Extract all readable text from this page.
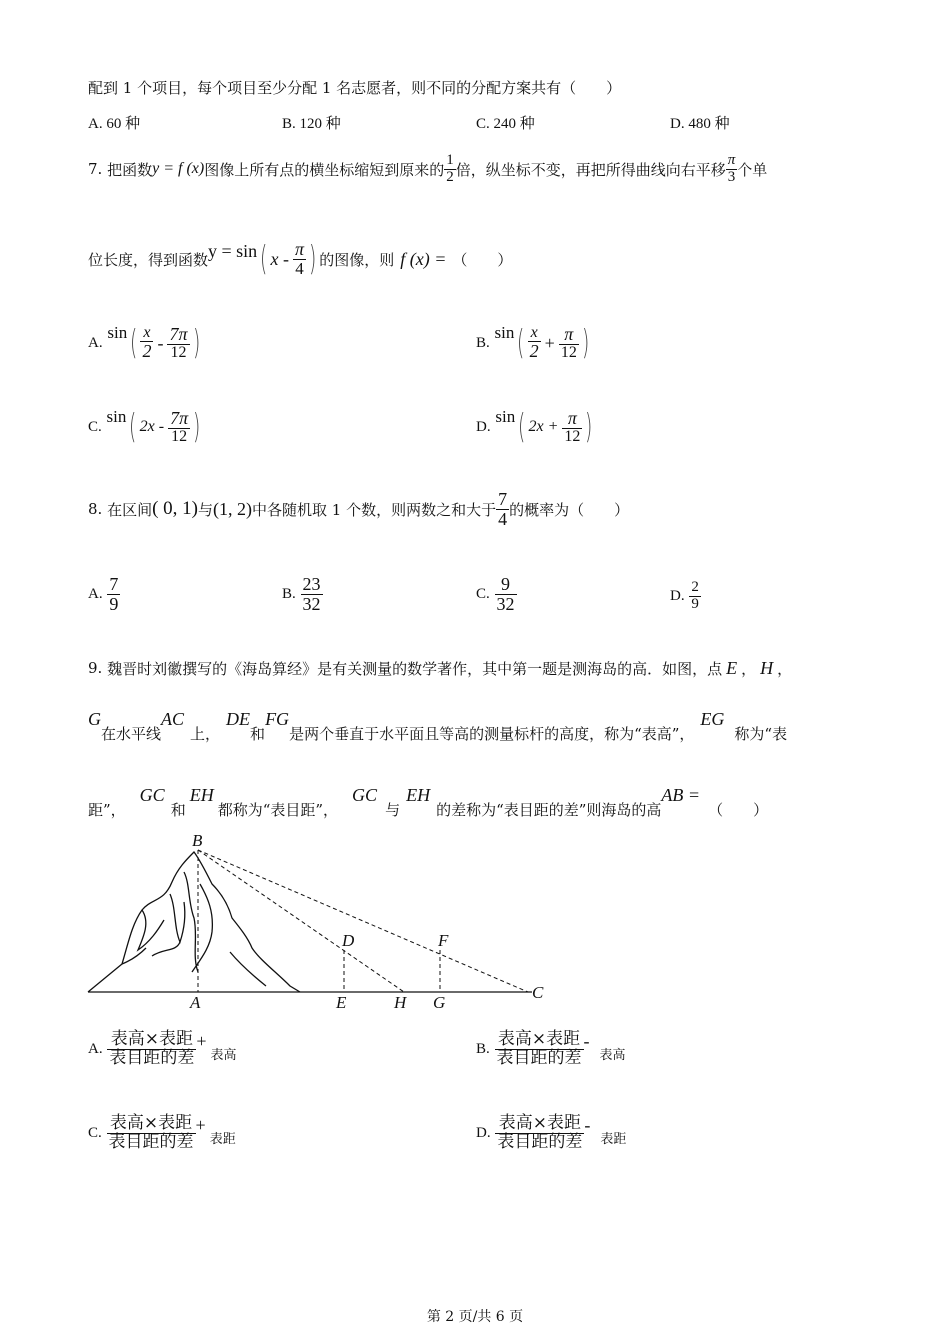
配到 1 个项目，每个项目至少分配 1 名志愿者，则不同的分配方案共有（　　）
A. 60 种	B. 120 种	C. 240 种	D. 480 种
7.
把函数 y = f (x) 图像上所有点的横坐标缩短到原来的 $\frac{1}{2}$ 倍，纵坐标不变，再把所得曲线向右平移 $\frac{\pi}{3}$ 个单
位长度，得到函数 y = sin ( x - $\frac{\pi}{4}$ ) 的图像，则 f (x) = （　　）
A.

sin ( $\frac{x}{2} - \frac{7\pi}{12}$ )	B.

sin ( $\frac{x}{2} + \frac{\pi}{12}$ )
C.

sin ( $2x - \frac{7\pi}{12}$ )	D.

sin ( $2x + \frac{\pi}{12}$ )
8.
在区间 ( 0, 1) 与 (1, 2) 中各随机取 1 个数，则两数之和大于 $\frac{7}{4}$ 的概率为（　　）
A.
$\frac{7}{9}$	B.
$\frac{23}{32}$	C.
$\frac{9}{32}$	D.
$\frac{2}{9}$
9.
魏晋时刘徽撰写的《海岛算经》是有关测量的数学著作，其中第一题是测海岛的高．如图，点 E ， H ，
G
在水平线
AC
上，
DE
和
FG
是两个垂直于水平面且等高的测量标杆的高度，称为“表高”，
EG
称为“表
距”，
GC
和
EH
都称为“表目距”，
GC
与
EH
的差称为“表目距的差”则海岛的高
AB =
（　　）
B
D	F
A	E	H G
C
A.
$\frac{\text{表高×表距}}{\text{表目距的差}}$ +
表高	B.
$\frac{\text{表高×表距}}{\text{表目距的差}}$ -
表高
C.
$\frac{\text{表高×表距}}{\text{表目距的差}}$ +
表距	D.
$\frac{\text{表高×表距}}{\text{表目距的差}}$ -
表距
第 2 页/共 6 页
